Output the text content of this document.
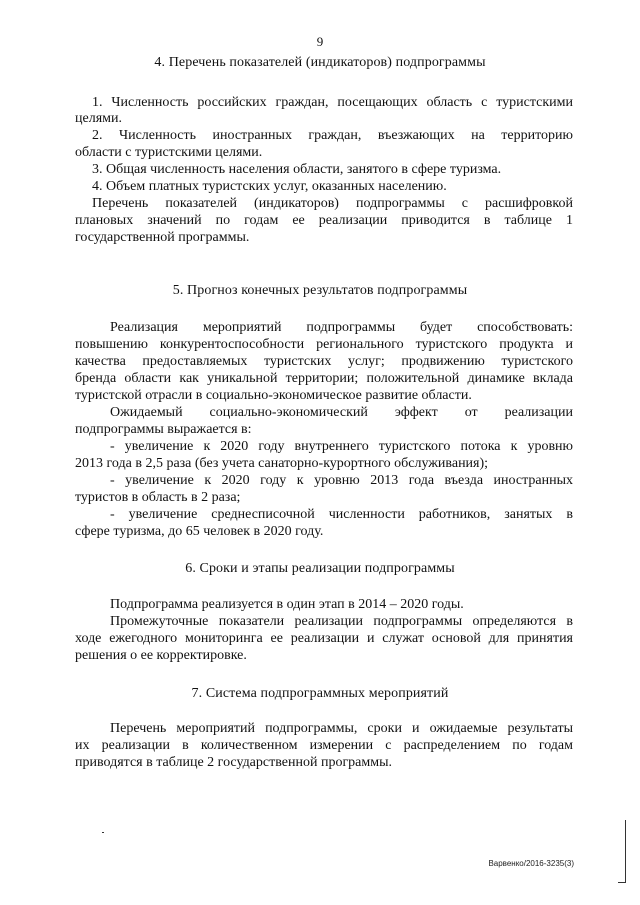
9
4. Перечень показателей (индикаторов) подпрограммы
1. Численность российских граждан, посещающих область с туристскими
целями.
2. Численность иностранных граждан, въезжающих на территорию
области с туристскими целями.
3. Общая численность населения области, занятого в сфере туризма.
4. Объем платных туристских услуг, оказанных населению.
Перечень показателей (индикаторов) подпрограммы с расшифровкой
плановых значений по годам ее реализации приводится в таблице 1
государственной программы.
5. Прогноз конечных результатов подпрограммы
Реализация мероприятий подпрограммы будет способствовать:
повышению конкурентоспособности регионального туристского продукта и
качества предоставляемых туристских услуг; продвижению туристского
бренда области как уникальной территории; положительной динамике вклада
туристской отрасли в социально-экономическое развитие области.
Ожидаемый социально-экономический эффект от реализации
подпрограммы выражается в:
- увеличение к 2020 году внутреннего туристского потока к уровню
2013 года в 2,5 раза (без учета санаторно-курортного обслуживания);
- увеличение к 2020 году к уровню 2013 года въезда иностранных
туристов в область в 2 раза;
- увеличение среднесписочной численности работников, занятых в
сфере туризма, до 65 человек в 2020 году.
6. Сроки и этапы реализации подпрограммы
Подпрограмма реализуется в один этап в 2014 – 2020 годы.
Промежуточные показатели реализации подпрограммы определяются в
ходе ежегодного мониторинга ее реализации и служат основой для принятия
решения о ее корректировке.
7. Система подпрограммных мероприятий
Перечень мероприятий подпрограммы, сроки и ожидаемые результаты
их реализации в количественном измерении с распределением по годам
приводятся в таблице 2 государственной программы.
Варвенко/2016-3235(3)
